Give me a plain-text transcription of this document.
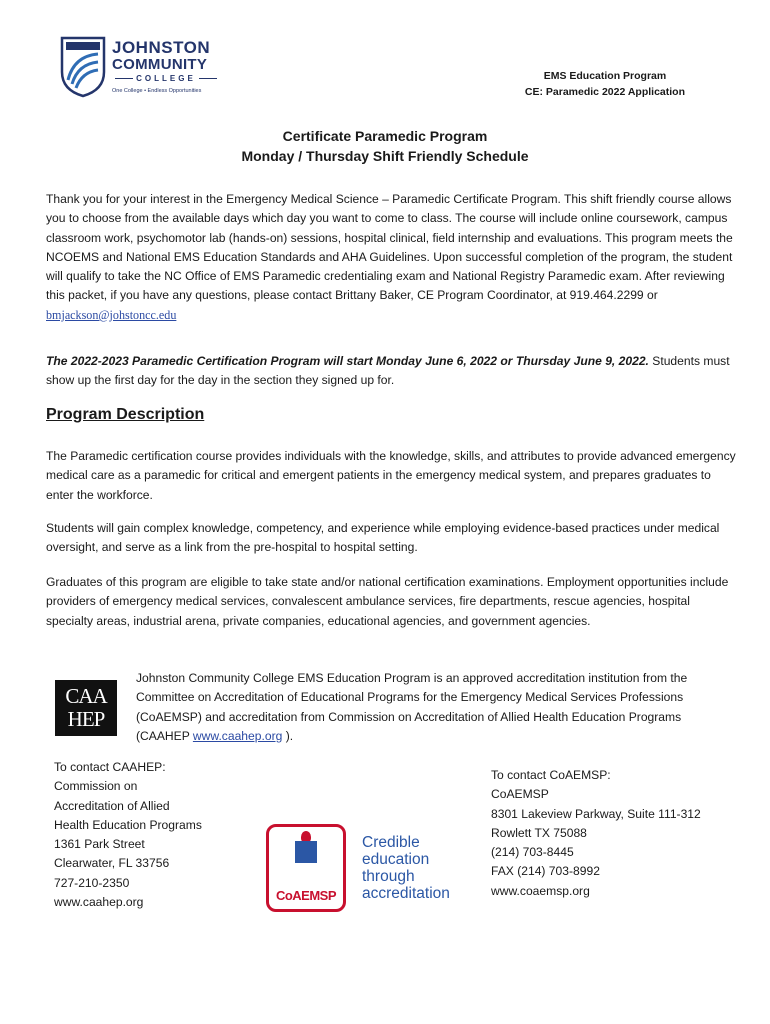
JOHNSTON
COMMUNITY
COLLEGE
One College • Endless Opportunities
EMS Education Program
CE: Paramedic 2022 Application
Certificate Paramedic Program
Monday / Thursday Shift Friendly Schedule
Thank you for your interest in the Emergency Medical Science – Paramedic Certificate Program. This shift friendly course allows you to choose from the available days which day you want to come to class. The course will include online coursework, campus classroom work, psychomotor lab (hands-on) sessions, hospital clinical, field internship and evaluations. This program meets the NCOEMS and National EMS Education Standards and AHA Guidelines. Upon successful completion of the program, the student will qualify to take the NC Office of EMS Paramedic credentialing exam and National Registry Paramedic exam. After reviewing this packet, if you have any questions, please contact Brittany Baker, CE Program Coordinator, at 919.464.2299 or bmjackson@johstoncc.edu
The 2022-2023 Paramedic Certification Program will start Monday June 6, 2022 or Thursday June 9, 2022. Students must show up the first day for the day in the section they signed up for.
Program Description
The Paramedic certification course provides individuals with the knowledge, skills, and attributes to provide advanced emergency medical care as a paramedic for critical and emergent patients in the emergency medical system, and prepares graduates to enter the workforce.
Students will gain complex knowledge, competency, and experience while employing evidence-based practices under medical oversight, and serve as a link from the pre-hospital to hospital setting.
Graduates of this program are eligible to take state and/or national certification examinations. Employment opportunities include providers of emergency medical services, convalescent ambulance services, fire departments, rescue agencies, hospital specialty areas, industrial arena, private companies, educational agencies, and government agencies.
CAA HEP
Johnston Community College EMS Education Program is an approved accreditation institution from the Committee on Accreditation of Educational Programs for the Emergency Medical Services Professions (CoAEMSP) and accreditation from Commission on Accreditation of Allied Health Education Programs (CAAHEP www.caahep.org ).
To contact CAAHEP:
Commission on
Accreditation of Allied
Health Education Programs
1361 Park Street
Clearwater, FL 33756
727-210-2350
www.caahep.org	CoAEMSP
Credible
education
through
accreditation
To contact CoAEMSP:
CoAEMSP
8301 Lakeview Parkway, Suite 111-312
Rowlett TX 75088
(214) 703-8445
FAX (214) 703-8992
www.coaemsp.org
